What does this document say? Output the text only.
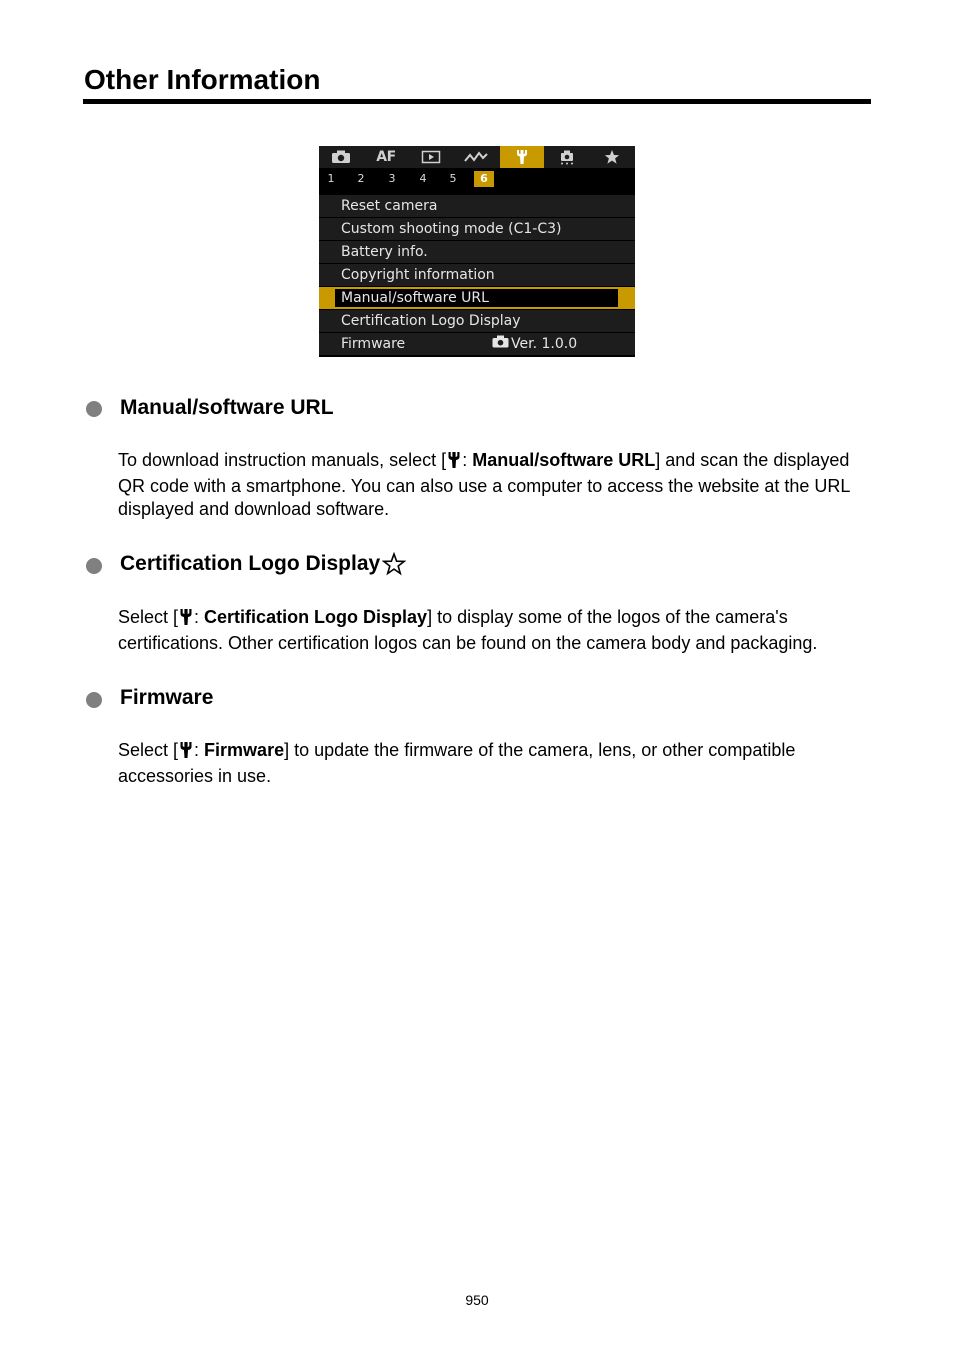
Other Information
AF
1	2	3	4	5	6
Reset camera
Custom shooting mode (C1-C3)
Battery info.
Copyright information
Manual/software URL
Certification Logo Display
Firmware	Ver. 1.0.0
Manual/software URL

To download instruction manuals, select [ : Manual/software URL] and scan the displayed QR code with a smartphone. You can also use a computer to access the website at the URL displayed and download software.

Certification Logo Display

Select [ : Certification Logo Display] to display some of the logos of the camera's certifications. Other certification logos can be found on the camera body and packaging.

Firmware

Select [ : Firmware] to update the firmware of the camera, lens, or other compatible accessories in use.

950
